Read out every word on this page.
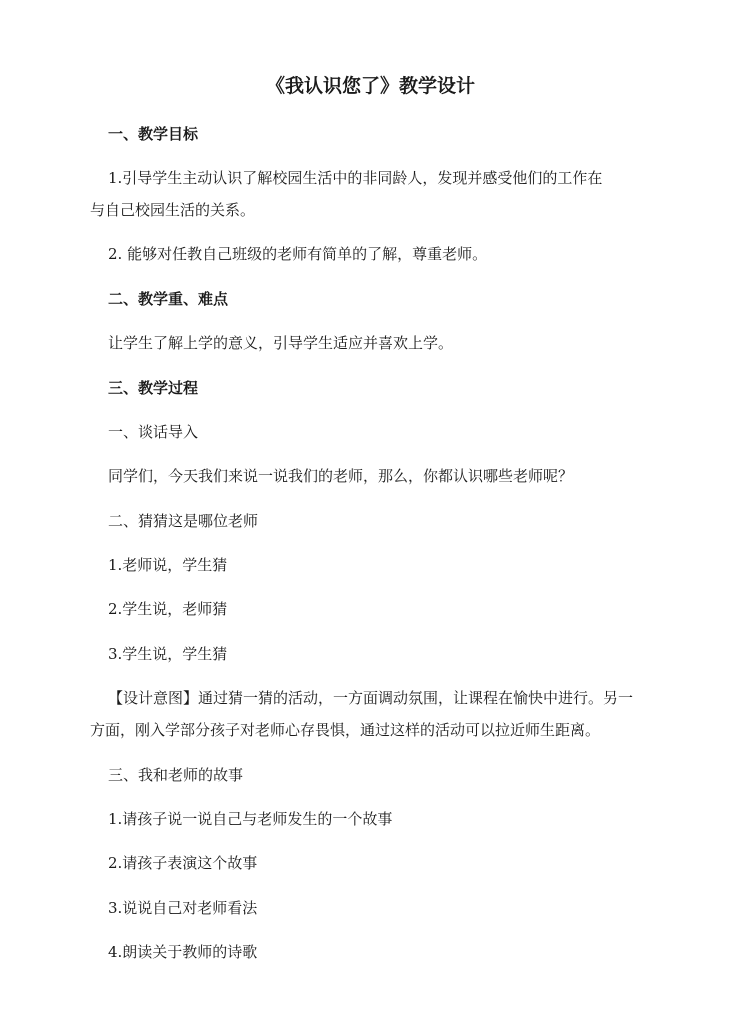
《我认识您了》教学设计
一、教学目标
1.引导学生主动认识了解校园生活中的非同龄人，发现并感受他们的工作在
与自己校园生活的关系。
2. 能够对任教自己班级的老师有简单的了解，尊重老师。
二、教学重、难点
让学生了解上学的意义，引导学生适应并喜欢上学。
三、教学过程
一、谈话导入
同学们，今天我们来说一说我们的老师，那么，你都认识哪些老师呢？
二、猜猜这是哪位老师
1.老师说，学生猜
2.学生说，老师猜
3.学生说，学生猜
【设计意图】通过猜一猜的活动，一方面调动氛围，让课程在愉快中进行。另一
方面，刚入学部分孩子对老师心存畏惧，通过这样的活动可以拉近师生距离。
三、我和老师的故事
1.请孩子说一说自己与老师发生的一个故事
2.请孩子表演这个故事
3.说说自己对老师看法
4.朗读关于教师的诗歌
